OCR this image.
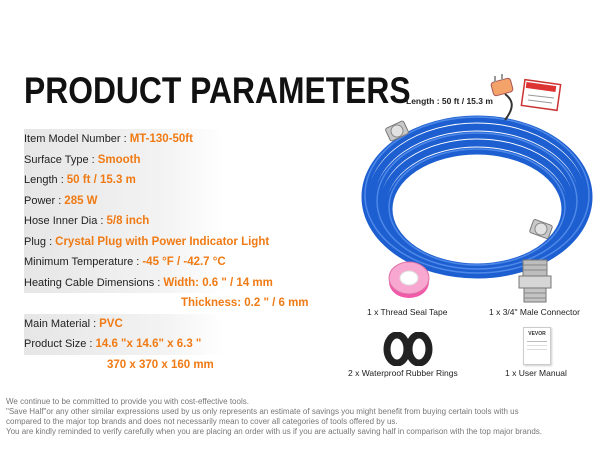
PRODUCT PARAMETERS
Item Model Number : MT-130-50ft
Surface Type : Smooth
Length : 50 ft / 15.3 m
Power : 285 W
Hose Inner Dia : 5/8 inch
Plug : Crystal Plug with Power Indicator Light
Minimum Temperature : -45 °F / -42.7 °C
Heating Cable Dimensions : Width: 0.6 " / 14 mm
Thickness: 0.2 " / 6 mm
Main Material : PVC
Product Size : 14.6 "x 14.6" x 6.3 "
370 x 370 x 160 mm
Length : 50 ft / 15.3 m
1 x Thread Seal Tape	1 x 3/4" Male Connector
2 x Waterproof Rubber Rings
VEVOR
1 x User Manual
We continue to be committed to provide you with cost-effective tools.
"Save Half"or any other similar expressions used by us only represents an estimate of savings you might benefit from buying certain tools with us
compared to the major top brands and does not necessarily mean to cover all categories of tools offered by us.
You are kindly reminded to verify carefully when you are placing an order with us if you are actually saving half in comparison with the top major brands.
